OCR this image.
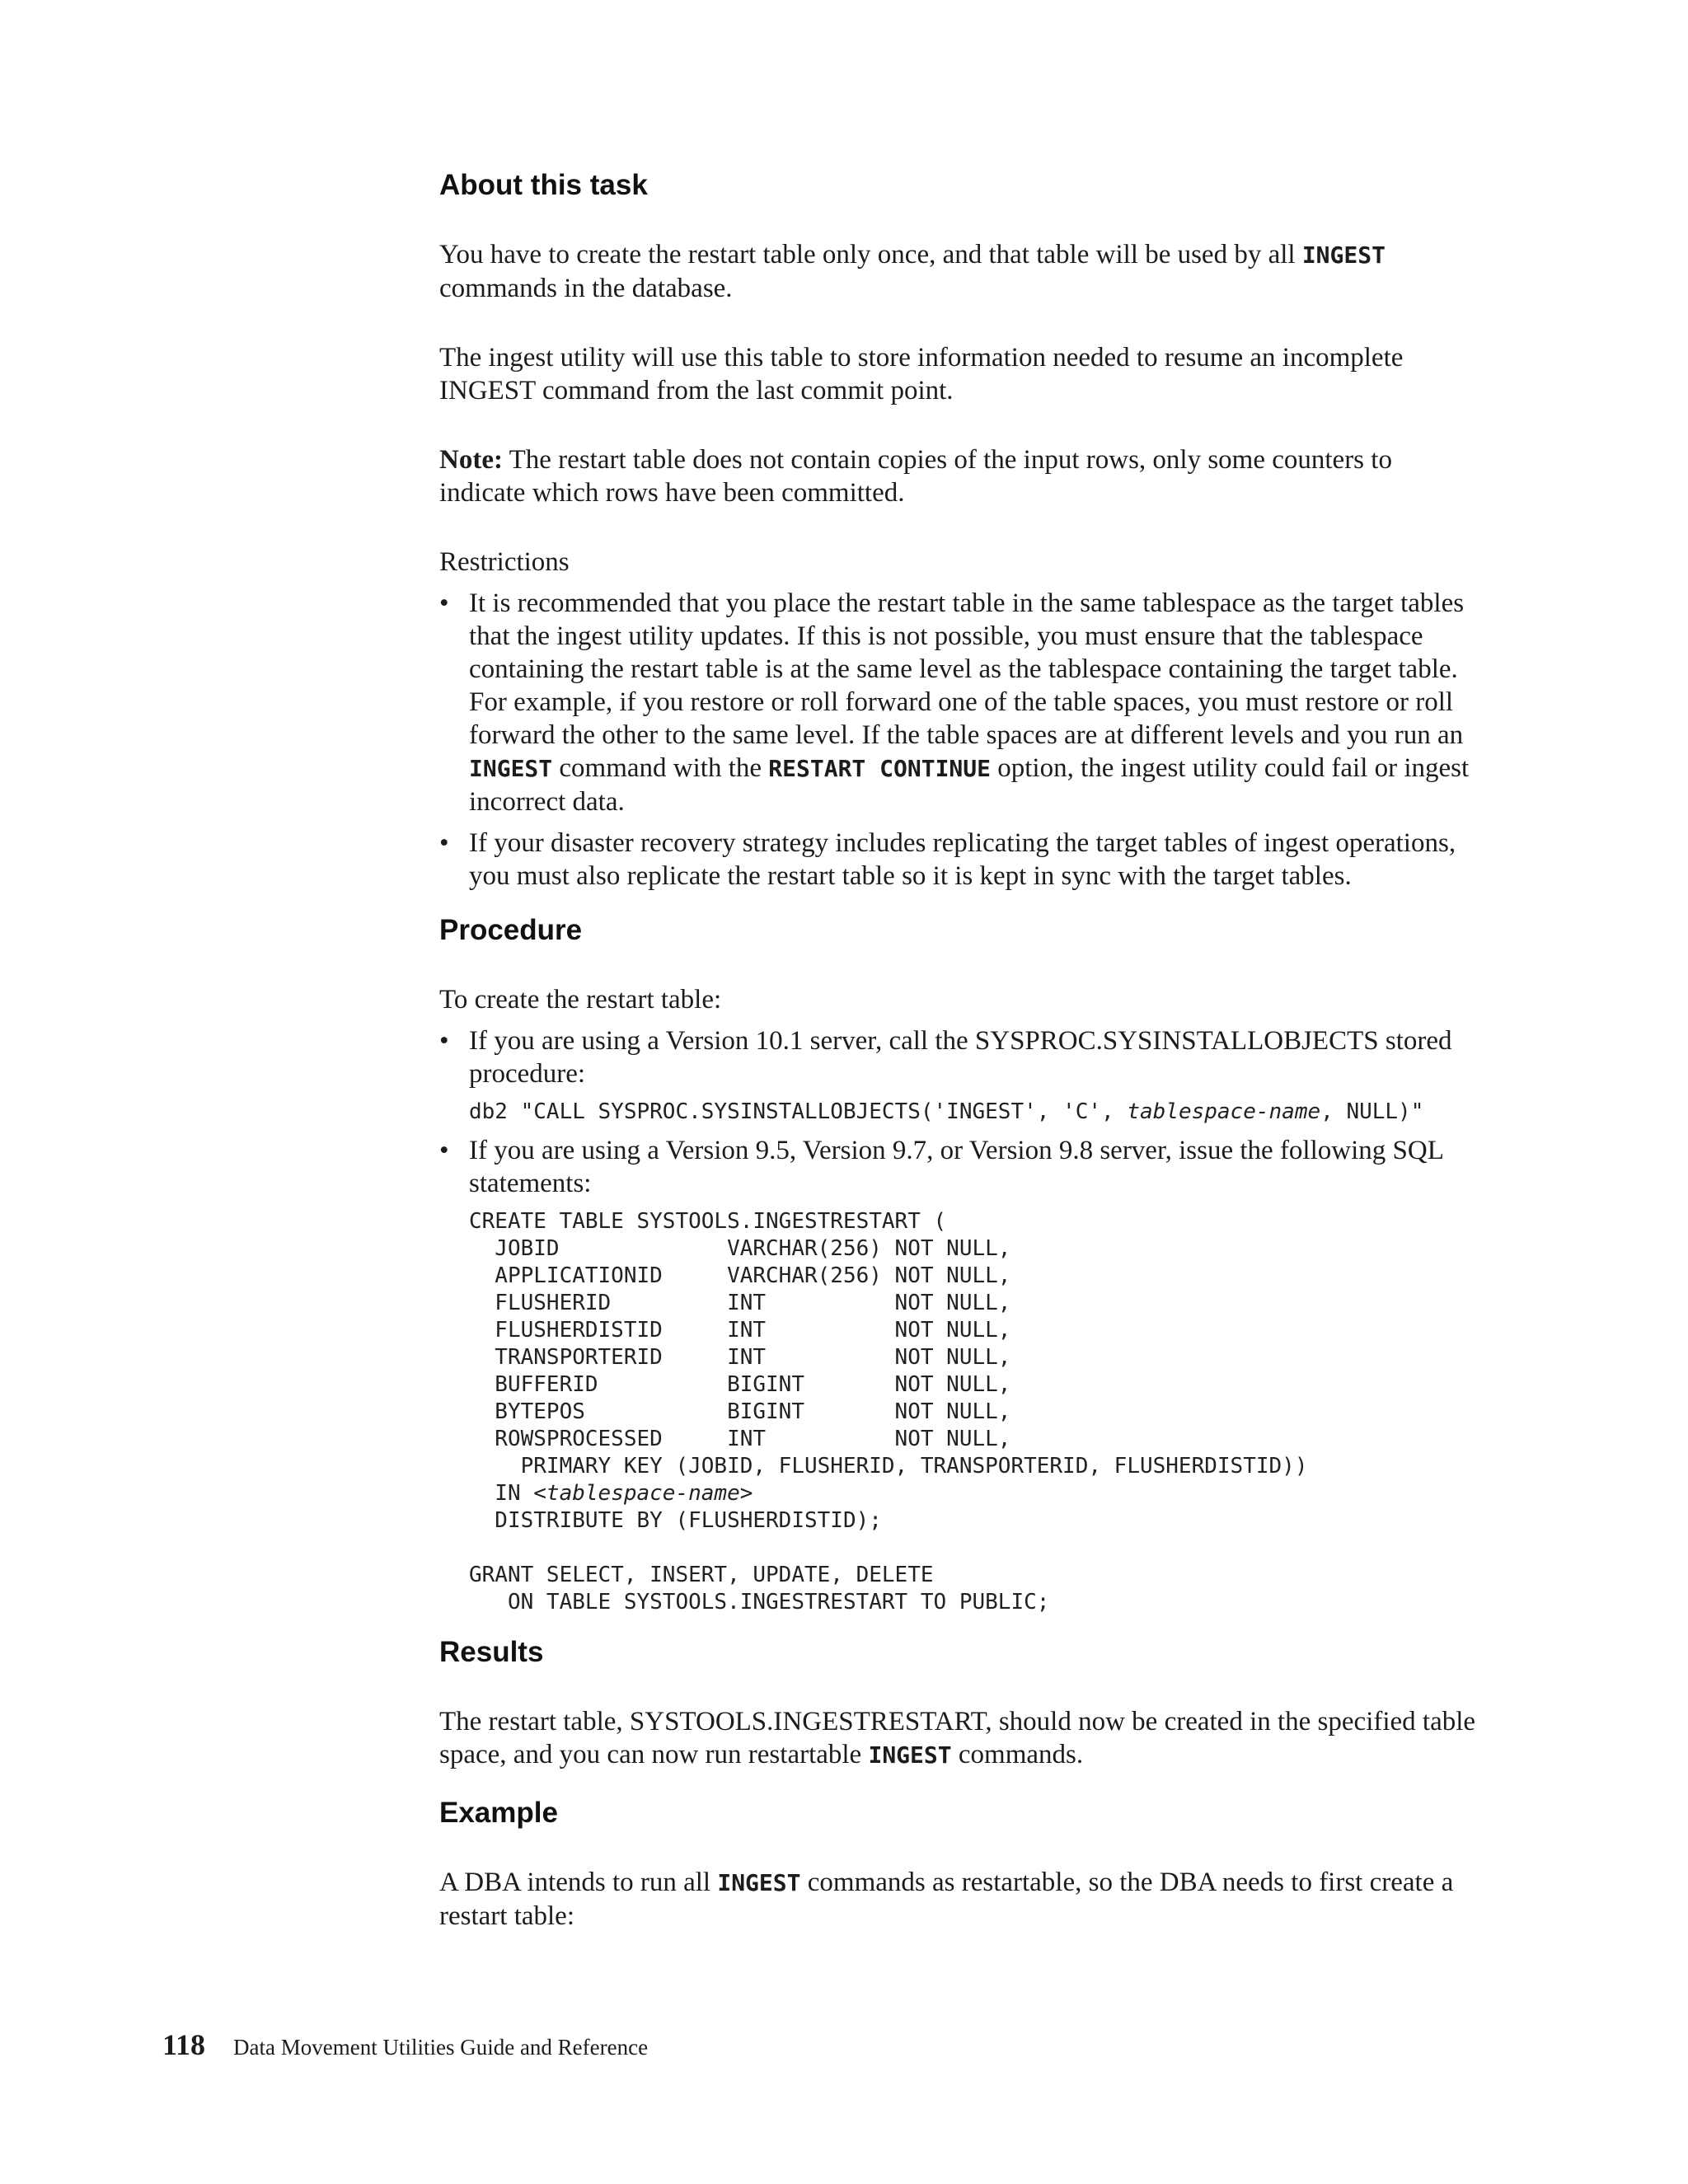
About this task

You have to create the restart table only once, and that table will be used by all INGEST commands in the database.

The ingest utility will use this table to store information needed to resume an incomplete INGEST command from the last commit point.

Note: The restart table does not contain copies of the input rows, only some counters to indicate which rows have been committed.

Restrictions

• It is recommended that you place the restart table in the same tablespace as the target tables that the ingest utility updates. If this is not possible, you must ensure that the tablespace containing the restart table is at the same level as the tablespace containing the target table. For example, if you restore or roll forward one of the table spaces, you must restore or roll forward the other to the same level. If the table spaces are at different levels and you run an INGEST command with the RESTART CONTINUE option, the ingest utility could fail or ingest incorrect data.
• If your disaster recovery strategy includes replicating the target tables of ingest operations, you must also replicate the restart table so it is kept in sync with the target tables.
Procedure

To create the restart table:

• If you are using a Version 10.1 server, call the SYSPROC.SYSINSTALLOBJECTS stored procedure:
db2 "CALL SYSPROC.SYSINSTALLOBJECTS('INGEST', 'C', tablespace-name, NULL)"
• If you are using a Version 9.5, Version 9.7, or Version 9.8 server, issue the following SQL statements:
CREATE TABLE SYSTOOLS.INGESTRESTART (
JOBID             VARCHAR(256) NOT NULL,
APPLICATIONID     VARCHAR(256) NOT NULL,
FLUSHERID         INT          NOT NULL,
FLUSHERDISTID     INT          NOT NULL,
TRANSPORTERID     INT          NOT NULL,
BUFFERID          BIGINT       NOT NULL,
BYTEPOS           BIGINT       NOT NULL,
ROWSPROCESSED     INT          NOT NULL,
PRIMARY KEY (JOBID, FLUSHERID, TRANSPORTERID, FLUSHERDISTID))
IN <tablespace-name>
DISTRIBUTE BY (FLUSHERDISTID);

GRANT SELECT, INSERT, UPDATE, DELETE
ON TABLE SYSTOOLS.INGESTRESTART TO PUBLIC;
Results

The restart table, SYSTOOLS.INGESTRESTART, should now be created in the specified table space, and you can now run restartable INGEST commands.

Example

A DBA intends to run all INGEST commands as restartable, so the DBA needs to first create a restart table:

118 Data Movement Utilities Guide and Reference
